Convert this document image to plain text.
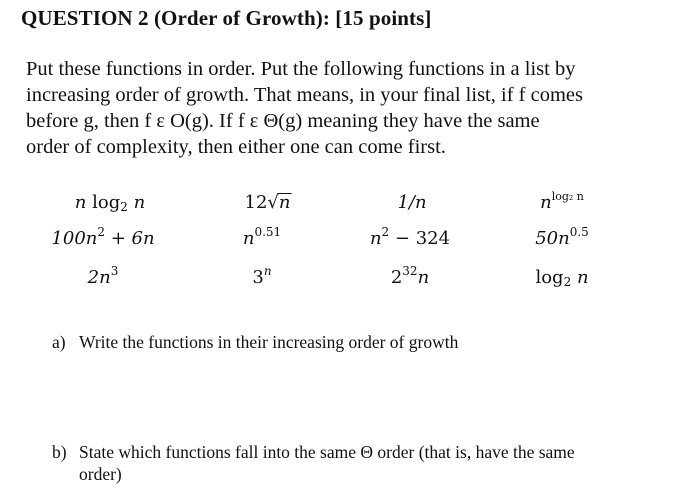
QUESTION 2 (Order of Growth): [15 points]
Put these functions in order. Put the following functions in a list by
increasing order of growth. That means, in your final list, if f comes
before g, then f ε O(g). If f ε Θ(g) meaning they have the same
order of complexity, then either one can come first.
n $\log_2 n$	12√n	1/n	$n^{log_2 n}$
$100n^2 + 6n$	$n^{0.51}$	$n^2 - 324$	$50n^{0.5}$
$2n^3$	3$^n$	$2^{32}n$	$\log_2 n$
a) Write the functions in their increasing order of growth
b) State which functions fall into the same Θ order (that is, have the same order)
